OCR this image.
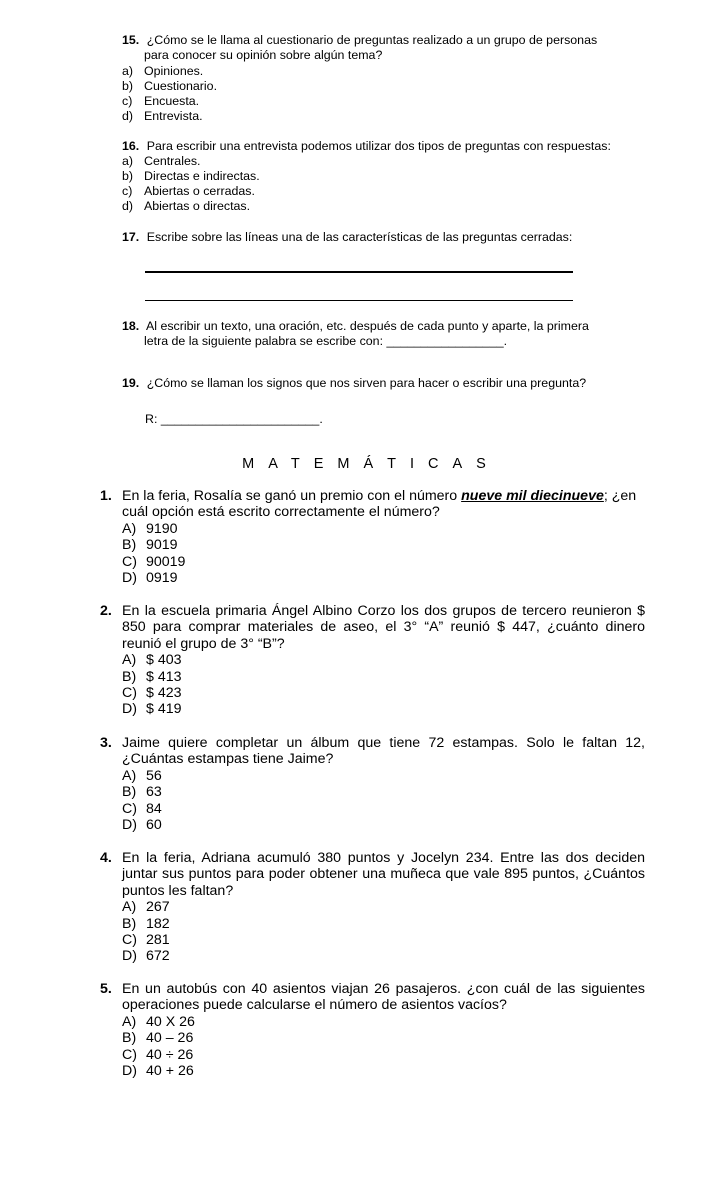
15. ¿Cómo se le llama al cuestionario de preguntas realizado a un grupo de personas
para conocer su opinión sobre algún tema?
a) Opiniones.
b) Cuestionario.
c) Encuesta.
d) Entrevista.
16. Para escribir una entrevista podemos utilizar dos tipos de preguntas con respuestas:
a) Centrales.
b) Directas e indirectas.
c) Abiertas o cerradas.
d) Abiertas o directas.
17. Escribe sobre las líneas una de las características de las preguntas cerradas:
18. Al escribir un texto, una oración, etc. después de cada punto y aparte, la primera
letra de la siguiente palabra se escribe con: _________________.
19. ¿Cómo se llaman los signos que nos sirven para hacer o escribir una pregunta?
R: _______________________.
MATEMÁTICAS
1. En la feria, Rosalía se ganó un premio con el número nueve mil diecinueve; ¿en cuál opción está escrito correctamente el número?
A) 9190
B) 9019
C) 90019
D) 0919
2. En la escuela primaria Ángel Albino Corzo los dos grupos de tercero reunieron $ 850 para comprar materiales de aseo, el 3° “A” reunió $ 447, ¿cuánto dinero reunió el grupo de 3° “B”?
A) $ 403
B) $ 413
C) $ 423
D) $ 419
3. Jaime quiere completar un álbum que tiene 72 estampas. Solo le faltan 12, ¿Cuántas estampas tiene Jaime?
A) 56
B) 63
C) 84
D) 60
4. En la feria, Adriana acumuló 380 puntos y Jocelyn 234. Entre las dos deciden juntar sus puntos para poder obtener una muñeca que vale 895 puntos, ¿Cuántos puntos les faltan?
A) 267
B) 182
C) 281
D) 672
5. En un autobús con 40 asientos viajan 26 pasajeros. ¿con cuál de las siguientes operaciones puede calcularse el número de asientos vacíos?
A) 40 X 26
B) 40 – 26
C) 40 ÷ 26
D) 40 + 26
